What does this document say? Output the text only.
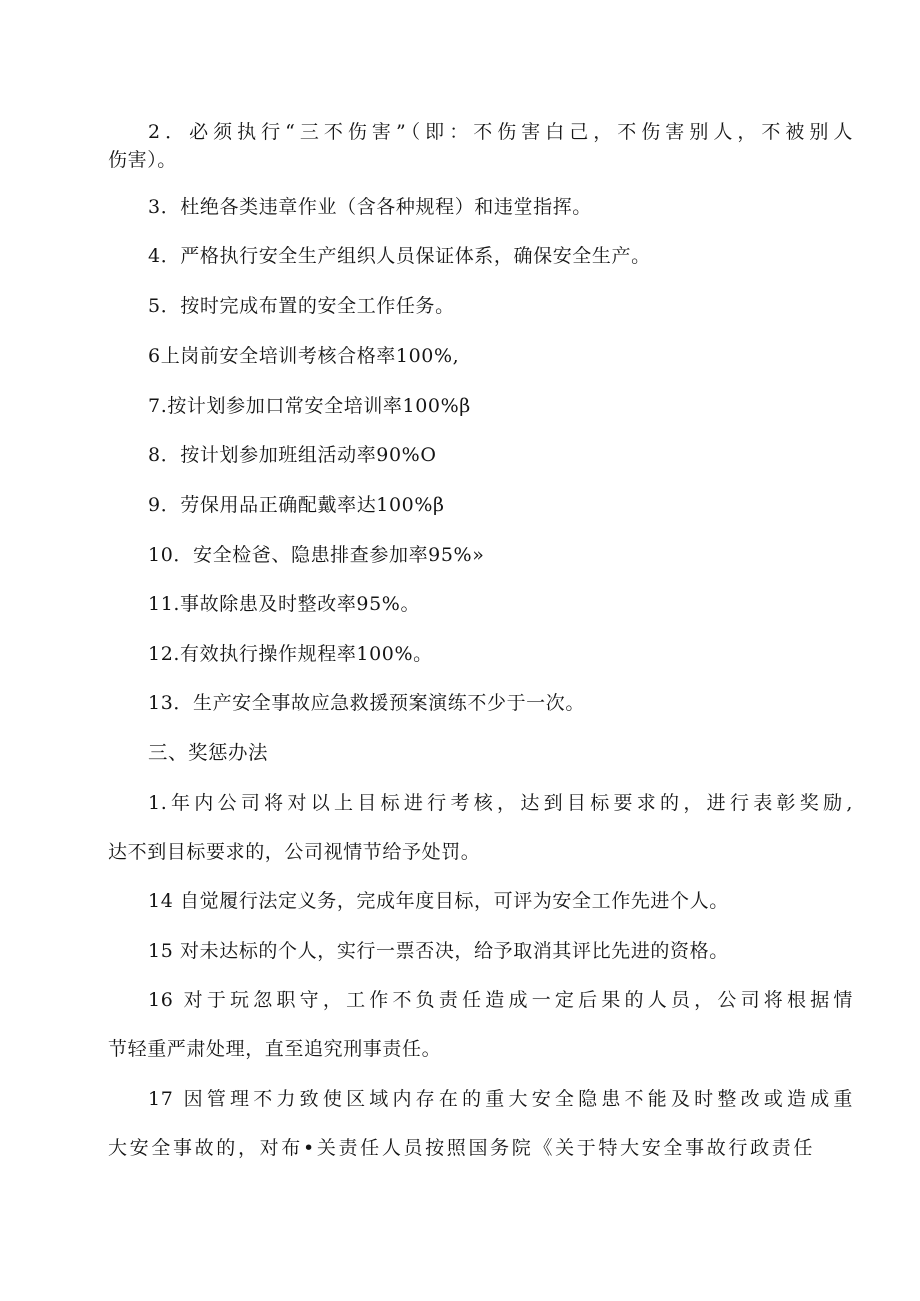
2．必须执行“三不伤害”（即：不伤害白己，不伤害别人，不被别人
伤害）。
3．杜绝各类违章作业（含各种规程）和违堂指挥。
4．严格执行安全生产组织人员保证体系，确保安全生产。
5．按时完成布置的安全工作任务。
6上岗前安全培训考核合格率100%,
7.按计划参加口常安全培训率100%β
8．按计划参加班组活动率90%O
9．劳保用品正确配戴率达100%β
10．安全检爸、隐患排查参加率95%»
11.事故除患及时整改率95%。
12.有效执行操作规程率100%。
13．生产安全事故应急救援预案演练不少于一次。
三、奖惩办法
1.年内公司将对以上目标进行考核，达到目标要求的，进行表彰奖励,
达不到目标要求的，公司视情节给予处罚。
14 自觉履行法定义务，完成年度目标，可评为安全工作先进个人。
15 对未达标的个人，实行一票否决，给予取消其评比先进的资格。
16 对于玩忽职守，工作不负责任造成一定后果的人员，公司将根据情
节轻重严肃处理，直至追究刑事责任。
17 因管理不力致使区域内存在的重大安全隐患不能及时整改或造成重
大安全事故的，对布•关责任人员按照国务院《关于特大安全事故行政责任
